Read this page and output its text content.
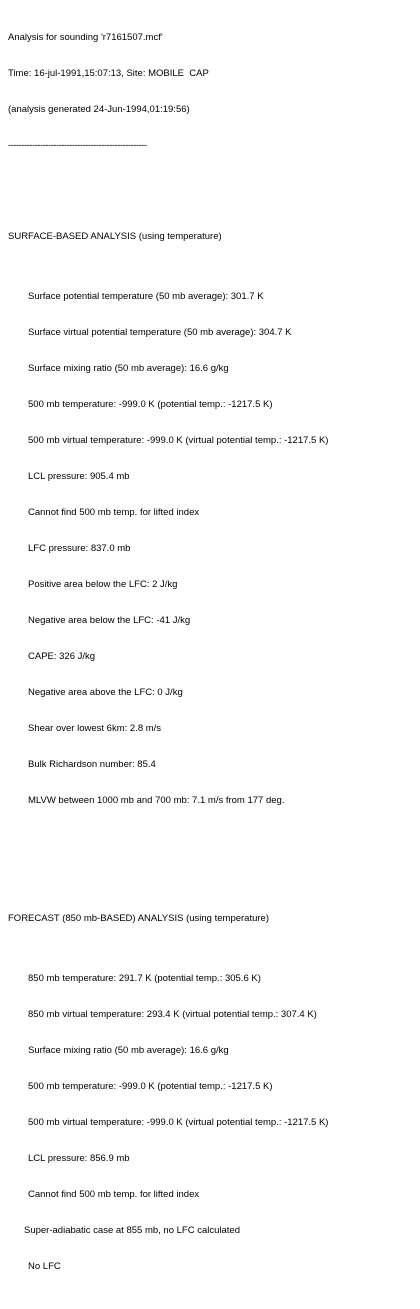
Analysis for sounding 'r7161507.mcf'

Time: 16-jul-1991,15:07:13, Site: MOBILE  CAP

(analysis generated 24-Jun-1994,01:19:56)

----------------------------------------------------

SURFACE-BASED ANALYSIS (using temperature)

Surface potential temperature (50 mb average): 301.7 K

Surface virtual potential temperature (50 mb average): 304.7 K

Surface mixing ratio (50 mb average): 16.6 g/kg

500 mb temperature: -999.0 K (potential temp.: -1217.5 K)

500 mb virtual temperature: -999.0 K (virtual potential temp.: -1217.5 K)

LCL pressure: 905.4 mb

Cannot find 500 mb temp. for lifted index

LFC pressure: 837.0 mb

Positive area below the LFC: 2 J/kg

Negative area below the LFC: -41 J/kg

CAPE: 326 J/kg

Negative area above the LFC: 0 J/kg

Shear over lowest 6km: 2.8 m/s

Bulk Richardson number: 85.4

MLVW between 1000 mb and 700 mb: 7.1 m/s from 177 deg.

FORECAST (850 mb-BASED) ANALYSIS (using temperature)

850 mb temperature: 291.7 K (potential temp.: 305.6 K)

850 mb virtual temperature: 293.4 K (virtual potential temp.: 307.4 K)

Surface mixing ratio (50 mb average): 16.6 g/kg

500 mb temperature: -999.0 K (potential temp.: -1217.5 K)

500 mb virtual temperature: -999.0 K (virtual potential temp.: -1217.5 K)

LCL pressure: 856.9 mb

Cannot find 500 mb temp. for lifted index

Super-adiabatic case at 855 mb, no LFC calculated

No LFC
